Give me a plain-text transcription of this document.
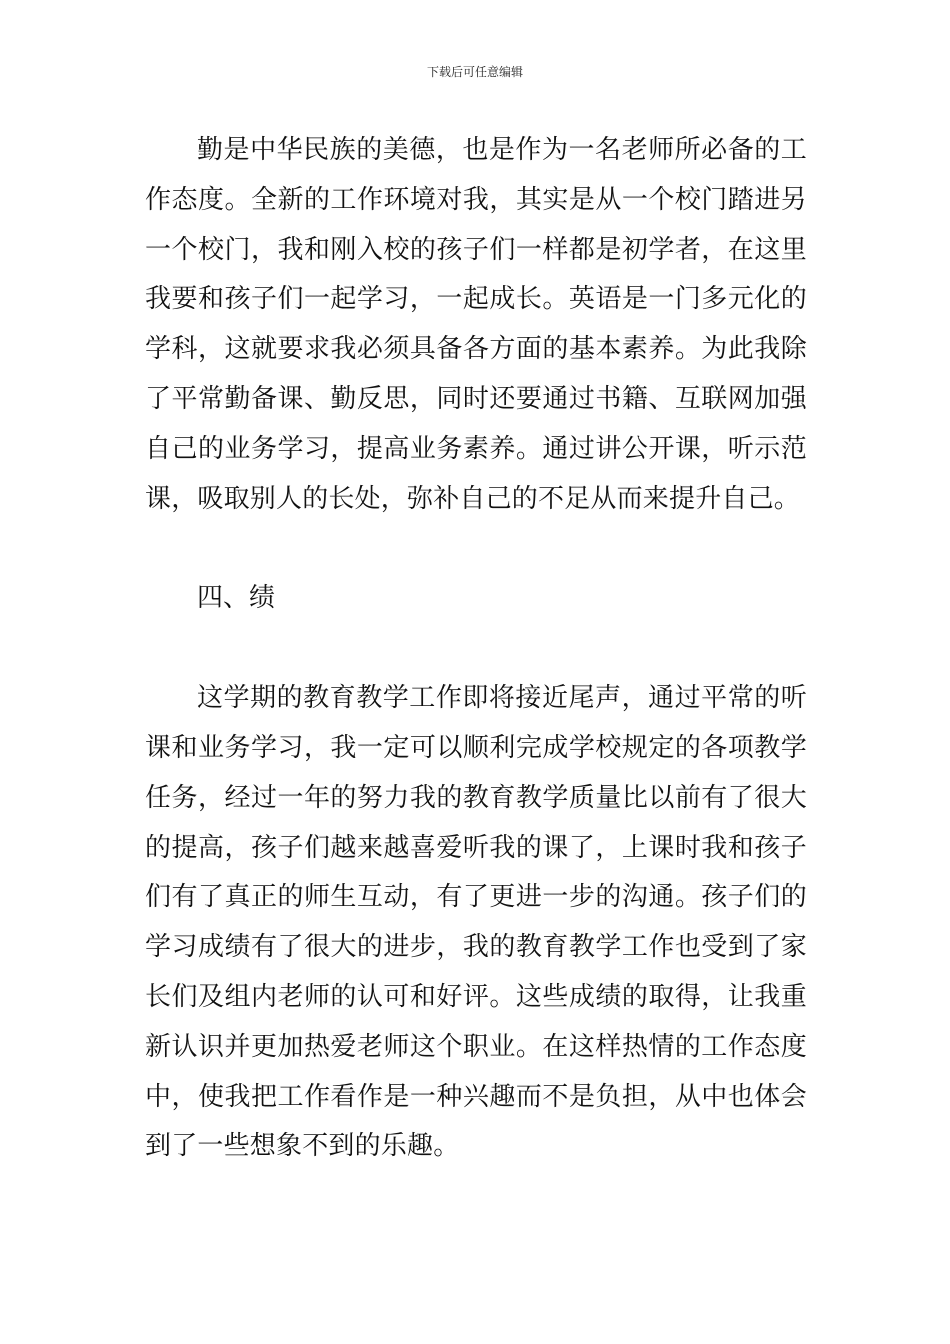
下载后可任意编辑

勤是中华民族的美德，也是作为一名老师所必备的工作态度。全新的工作环境对我，其实是从一个校门踏进另一个校门，我和刚入校的孩子们一样都是初学者，在这里我要和孩子们一起学习，一起成长。英语是一门多元化的学科，这就要求我必须具备各方面的基本素养。为此我除了平常勤备课、勤反思，同时还要通过书籍、互联网加强自己的业务学习，提高业务素养。通过讲公开课，听示范课，吸取别人的长处，弥补自己的不足从而来提升自己。

四、绩

这学期的教育教学工作即将接近尾声，通过平常的听课和业务学习，我一定可以顺利完成学校规定的各项教学任务，经过一年的努力我的教育教学质量比以前有了很大的提高，孩子们越来越喜爱听我的课了，上课时我和孩子们有了真正的师生互动，有了更进一步的沟通。孩子们的学习成绩有了很大的进步，我的教育教学工作也受到了家长们及组内老师的认可和好评。这些成绩的取得，让我重新认识并更加热爱老师这个职业。在这样热情的工作态度中，使我把工作看作是一种兴趣而不是负担，从中也体会到了一些想象不到的乐趣。
